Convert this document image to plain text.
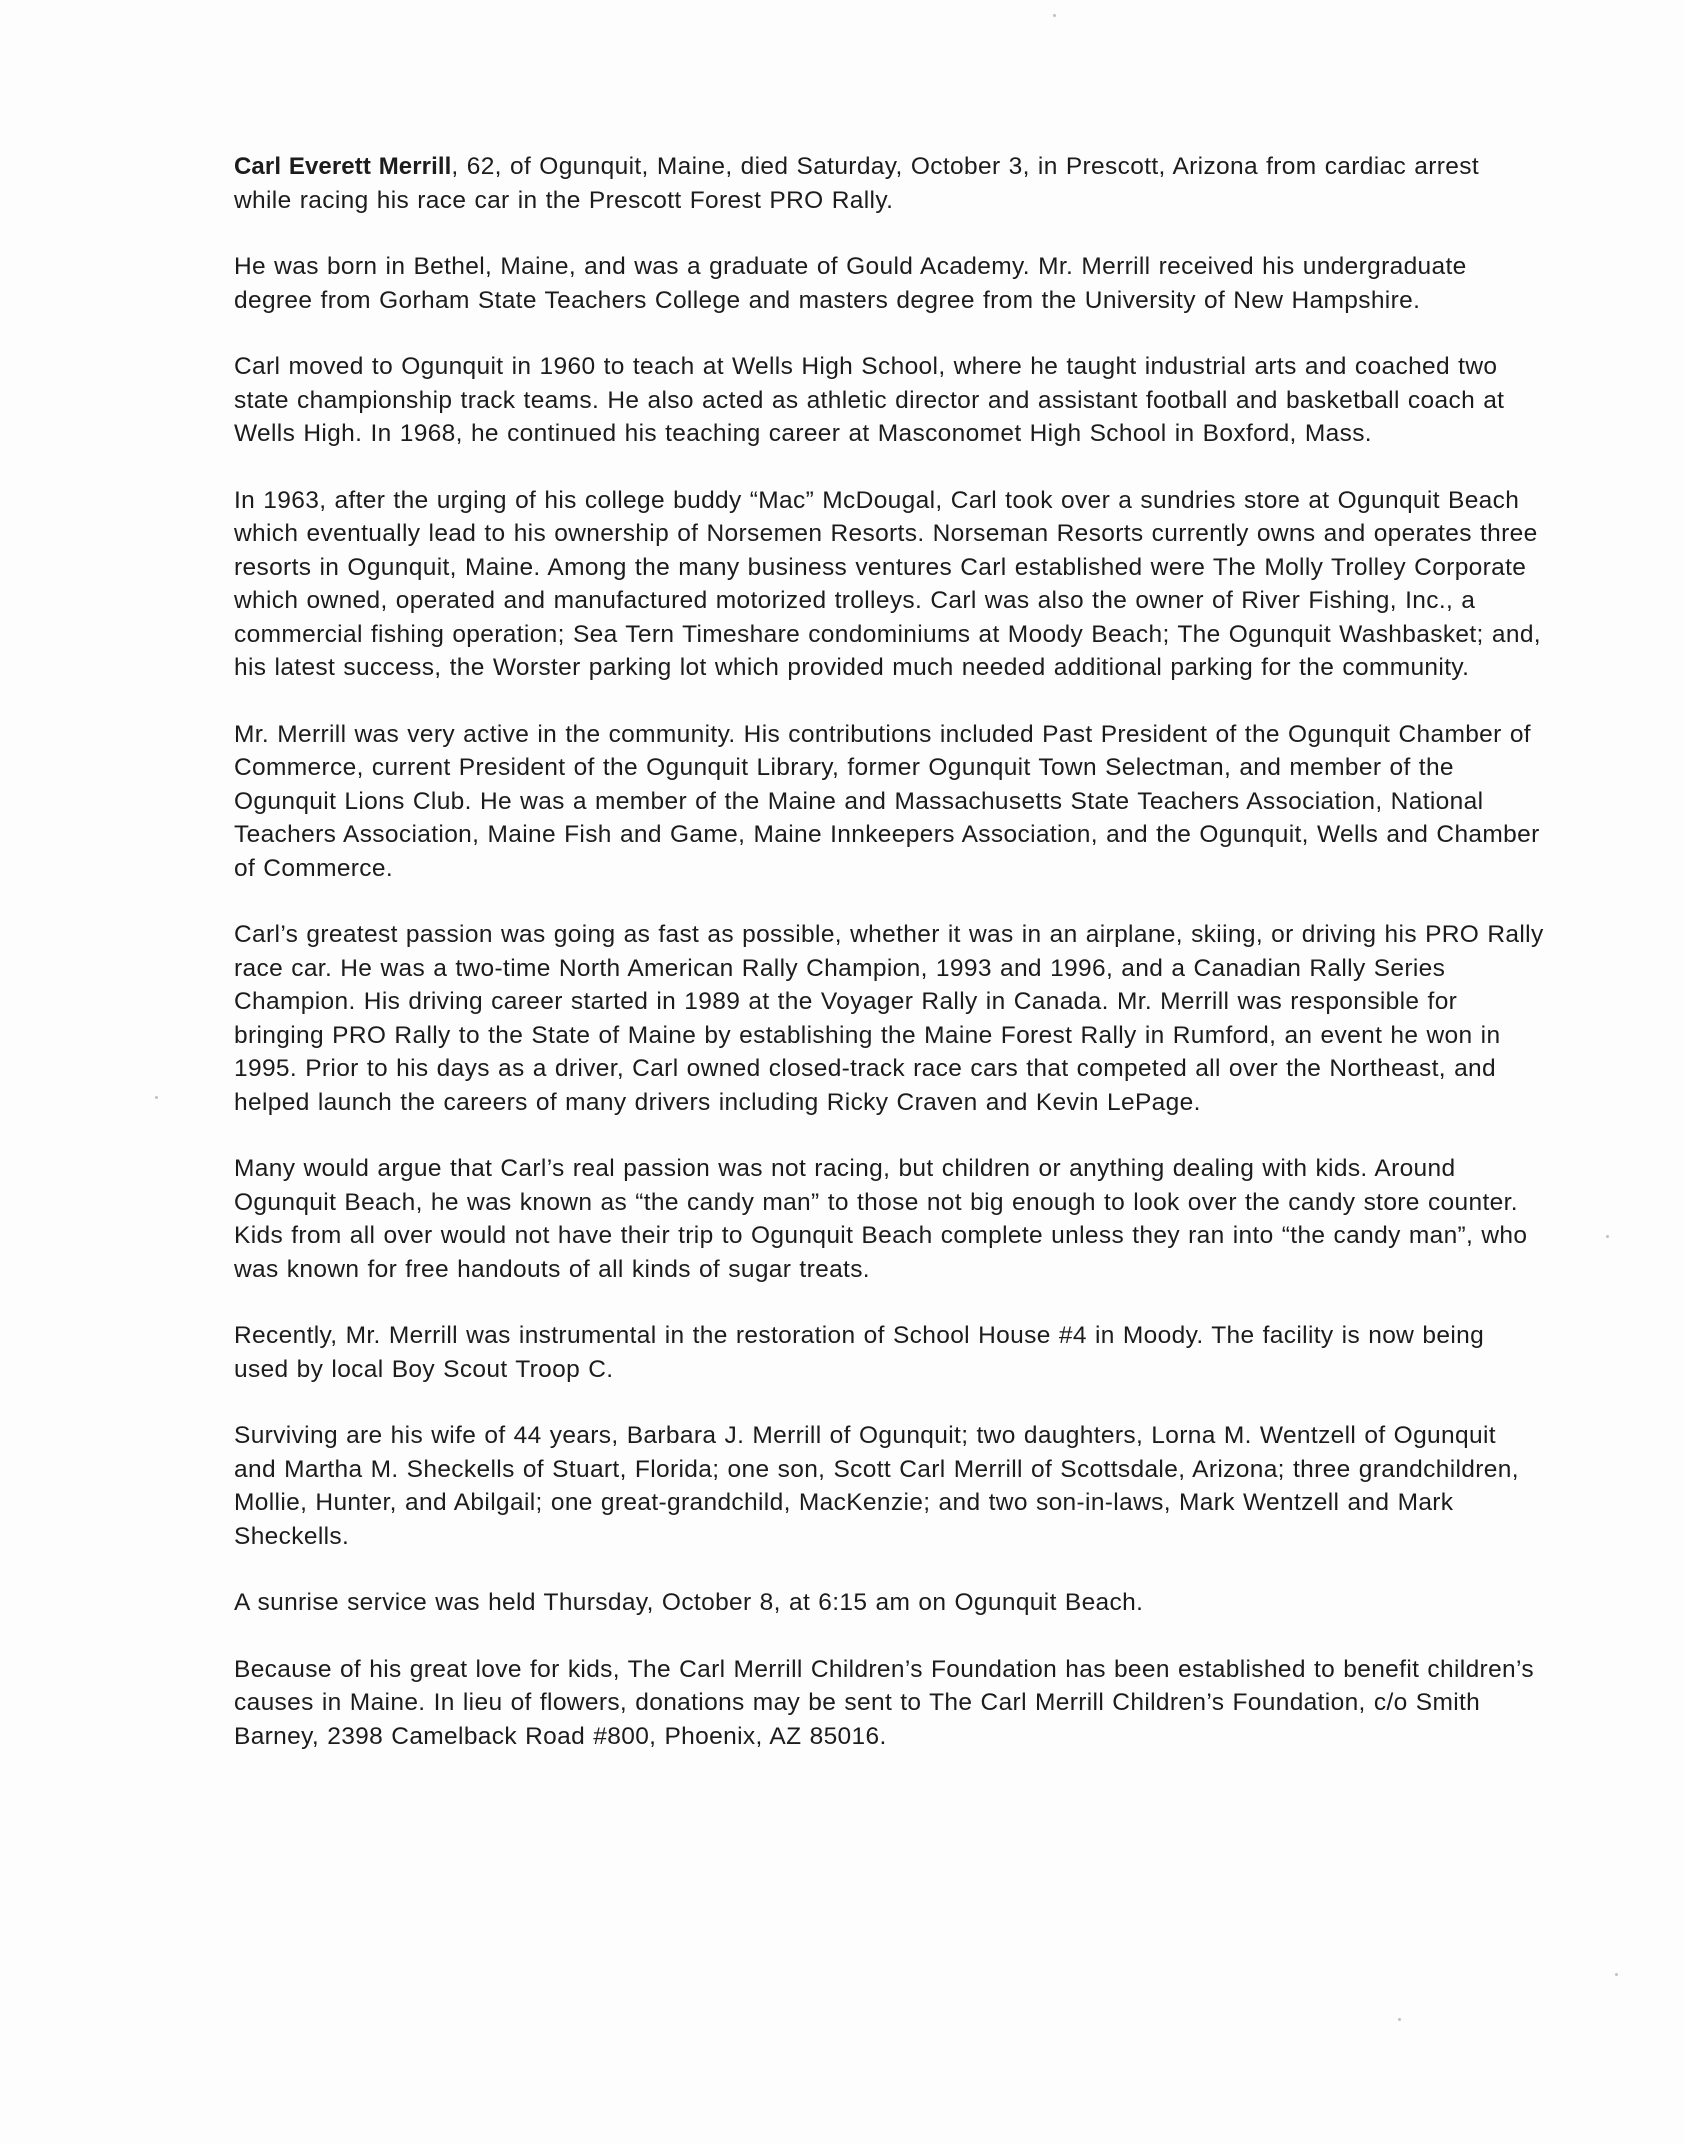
Carl Everett Merrill, 62, of Ogunquit, Maine, died Saturday, October 3, in Prescott, Arizona from cardiac arrest while racing his race car in the Prescott Forest PRO Rally.

He was born in Bethel, Maine, and was a graduate of Gould Academy. Mr. Merrill received his undergraduate degree from Gorham State Teachers College and masters degree from the University of New Hampshire.

Carl moved to Ogunquit in 1960 to teach at Wells High School, where he taught industrial arts and coached two state championship track teams. He also acted as athletic director and assistant football and basketball coach at Wells High. In 1968, he continued his teaching career at Masconomet High School in Boxford, Mass.

In 1963, after the urging of his college buddy “Mac” McDougal, Carl took over a sundries store at Ogunquit Beach which eventually lead to his ownership of Norsemen Resorts. Norseman Resorts currently owns and operates three resorts in Ogunquit, Maine. Among the many business ventures Carl established were The Molly Trolley Corporate which owned, operated and manufactured motorized trolleys. Carl was also the owner of River Fishing, Inc., a commercial fishing operation; Sea Tern Timeshare condominiums at Moody Beach; The Ogunquit Washbasket; and, his latest success, the Worster parking lot which provided much needed additional parking for the community.

Mr. Merrill was very active in the community. His contributions included Past President of the Ogunquit Chamber of Commerce, current President of the Ogunquit Library, former Ogunquit Town Selectman, and member of the Ogunquit Lions Club. He was a member of the Maine and Massachusetts State Teachers Association, National Teachers Association, Maine Fish and Game, Maine Innkeepers Association, and the Ogunquit, Wells and Chamber of Commerce.

Carl’s greatest passion was going as fast as possible, whether it was in an airplane, skiing, or driving his PRO Rally race car. He was a two-time North American Rally Champion, 1993 and 1996, and a Canadian Rally Series Champion. His driving career started in 1989 at the Voyager Rally in Canada. Mr. Merrill was responsible for bringing PRO Rally to the State of Maine by establishing the Maine Forest Rally in Rumford, an event he won in 1995. Prior to his days as a driver, Carl owned closed-track race cars that competed all over the Northeast, and helped launch the careers of many drivers including Ricky Craven and Kevin LePage.

Many would argue that Carl’s real passion was not racing, but children or anything dealing with kids. Around Ogunquit Beach, he was known as “the candy man” to those not big enough to look over the candy store counter. Kids from all over would not have their trip to Ogunquit Beach complete unless they ran into “the candy man”, who was known for free handouts of all kinds of sugar treats.

Recently, Mr. Merrill was instrumental in the restoration of School House #4 in Moody. The facility is now being used by local Boy Scout Troop C.

Surviving are his wife of 44 years, Barbara J. Merrill of Ogunquit; two daughters, Lorna M. Wentzell of Ogunquit and Martha M. Sheckells of Stuart, Florida; one son, Scott Carl Merrill of Scottsdale, Arizona; three grandchildren, Mollie, Hunter, and Abilgail; one great-grandchild, MacKenzie; and two son-in-laws, Mark Wentzell and Mark Sheckells.

A sunrise service was held Thursday, October 8, at 6:15 am on Ogunquit Beach.

Because of his great love for kids, The Carl Merrill Children’s Foundation has been established to benefit children’s causes in Maine. In lieu of flowers, donations may be sent to The Carl Merrill Children’s Foundation, c/o Smith Barney, 2398 Camelback Road #800, Phoenix, AZ 85016.
